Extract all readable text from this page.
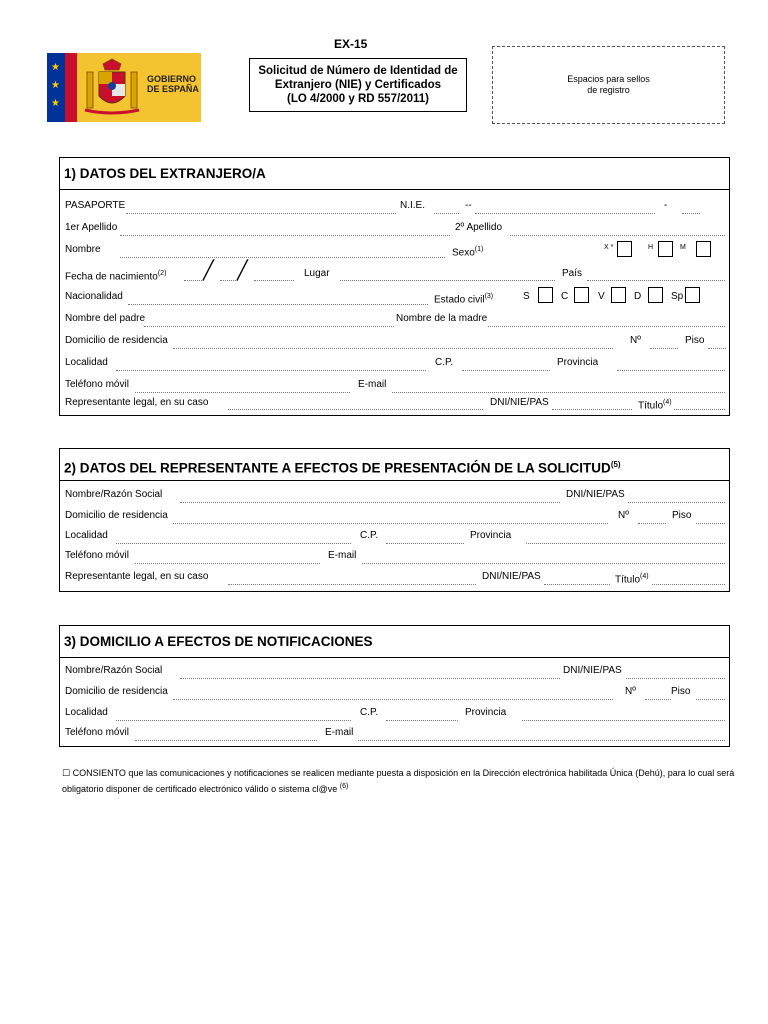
★
★
★
GOBIERNO
DE ESPAÑA
EX-15
Solicitud de Número de Identidad de
Extranjero (NIE) y Certificados
(LO 4/2000 y RD 557/2011)
Espacios para sellos
de registro
1) DATOS DEL EXTRANJERO/A
PASAPORTE	N.I.E.	--	-
1er Apellido	2º Apellido
Nombre	Sexo$^{(1)}$	X *	H	M
Fecha de nacimiento$^{(2)}$ ╱ ╱	Lugar	País
Nacionalidad	Estado civil$^{(3)}$	S	C	V	D	Sp
Nombre del padre	Nombre de la madre
Domicilio de residencia	Nº	Piso
Localidad	C.P.	Provincia
Teléfono móvil	E-mail
Representante legal, en su caso	DNI/NIE/PAS	Título$^{(4)}$
2) DATOS DEL REPRESENTANTE A EFECTOS DE PRESENTACIÓN DE LA SOLICITUD$^{(5)}$
Nombre/Razón Social	DNI/NIE/PAS
Domicilio de residencia	Nº	Piso
Localidad	C.P.	Provincia
Teléfono móvil	E-mail
Representante legal, en su caso	DNI/NIE/PAS	Título$^{(4)}$
3) DOMICILIO A EFECTOS DE NOTIFICACIONES
Nombre/Razón Social	DNI/NIE/PAS
Domicilio de residencia	Nº	Piso
Localidad	C.P.	Provincia
Teléfono móvil	E-mail
☐ CONSIENTO que las comunicaciones y notificaciones se realicen mediante puesta a disposición en la Dirección electrónica habilitada Única (Dehú), para lo cual será
obligatorio disponer de certificado electrónico válido o sistema cl@ve $^{(6)}$
